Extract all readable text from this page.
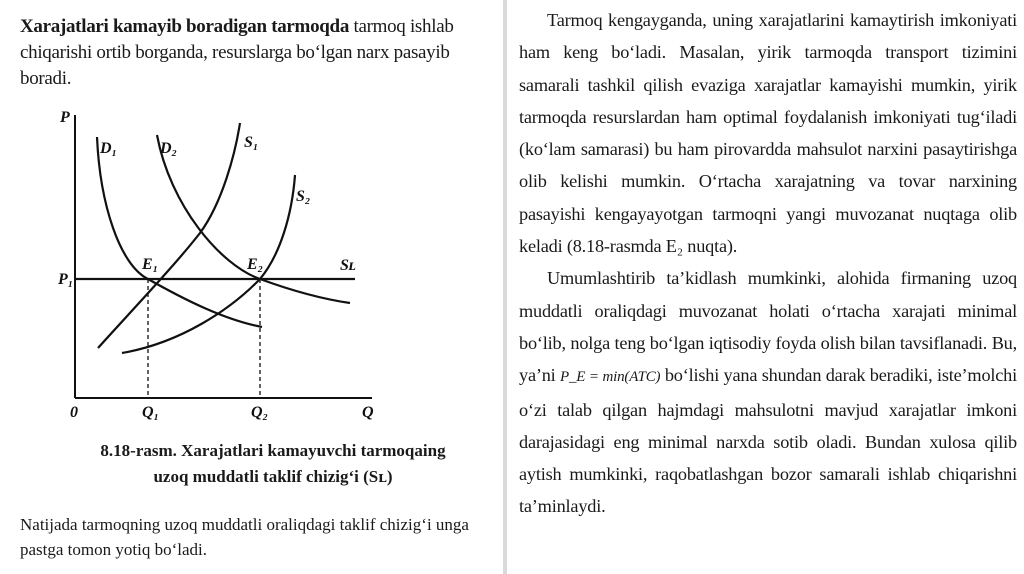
Xarajatlari kamayib boradigan tarmoqda tarmoq ishlab chiqarishi ortib borganda, resurslarga bo‘lgan narx pasayib boradi.
P
Q
0
P₁
Q₁	Q₂
D₁	D₂	S₁
S₂
Sʟ
E₁	E₂
8.18-rasm. Xarajatlari kamayuvchi tarmoqaing
uzoq muddatli taklif chizig‘i (Sʟ)
Natijada tarmoqning uzoq muddatli oraliqdagi taklif chizig‘i unga pastga tomon yotiq bo‘ladi.

Tarmoq kengayganda, uning xarajatlarini kamaytirish imkoniyati ham keng bo‘ladi. Masalan, yirik tarmoqda transport tizimini samarali tashkil qilish evaziga xarajatlar kamayishi mumkin, yirik tarmoqda resurslardan ham optimal foydalanish imkoniyati tug‘iladi (ko‘lam samarasi) bu ham pirovardda mahsulot narxini pasaytirishga olib kelishi mumkin. O‘rtacha xarajatning va tovar narxining pasayishi kengayayotgan tarmoqni yangi muvozanat nuqtaga olib keladi (8.18-rasmda E₂ nuqta).

Umumlashtirib ta’kidlash mumkinki, alohida firmaning uzoq muddatli oraliqdagi muvozanat holati o‘rtacha xarajati minimal bo‘lib, nolga teng bo‘lgan iqtisodiy foyda olish bilan tavsiflanadi. Bu, ya’ni P_E = min(ATC) bo‘lishi yana shundan darak beradiki, iste’molchi o‘zi talab qilgan hajmdagi mahsulotni mavjud xarajatlar imkoni darajasidagi eng minimal narxda sotib oladi. Bundan xulosa qilib aytish mumkinki, raqobatlashgan bozor samarali ishlab chiqarishni ta’minlaydi.
